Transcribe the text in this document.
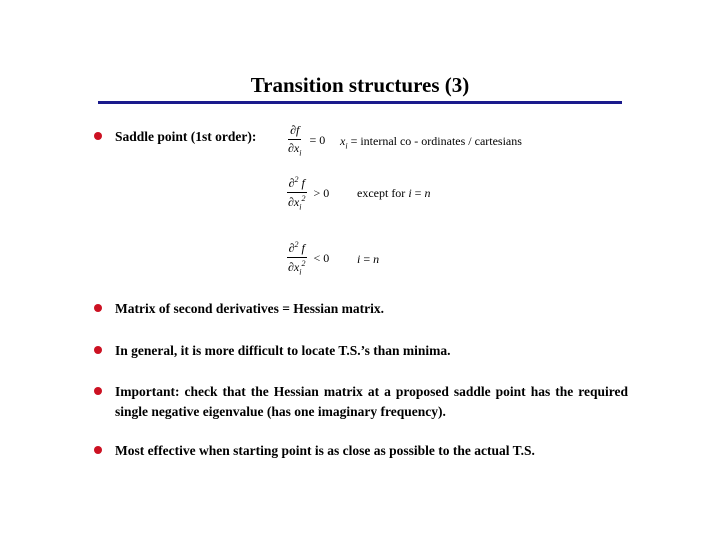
Transition structures (3)
Saddle point (1st order):	$\frac{\partial f}{\partial x_i} = 0$ $x_i$ = internal co - ordinates / cartesians
$\frac{\partial^2 f}{\partial x_i^2} > 0$ except for i = n
$\frac{\partial^2 f}{\partial x_i^2} < 0$ i = n
Matrix of second derivatives = Hessian matrix.
In general, it is more difficult to locate T.S.’s than minima.
Important: check that the Hessian matrix at a proposed saddle point has the required single negative eigenvalue (has one imaginary frequency).
Most effective when starting point is as close as possible to the actual T.S.
